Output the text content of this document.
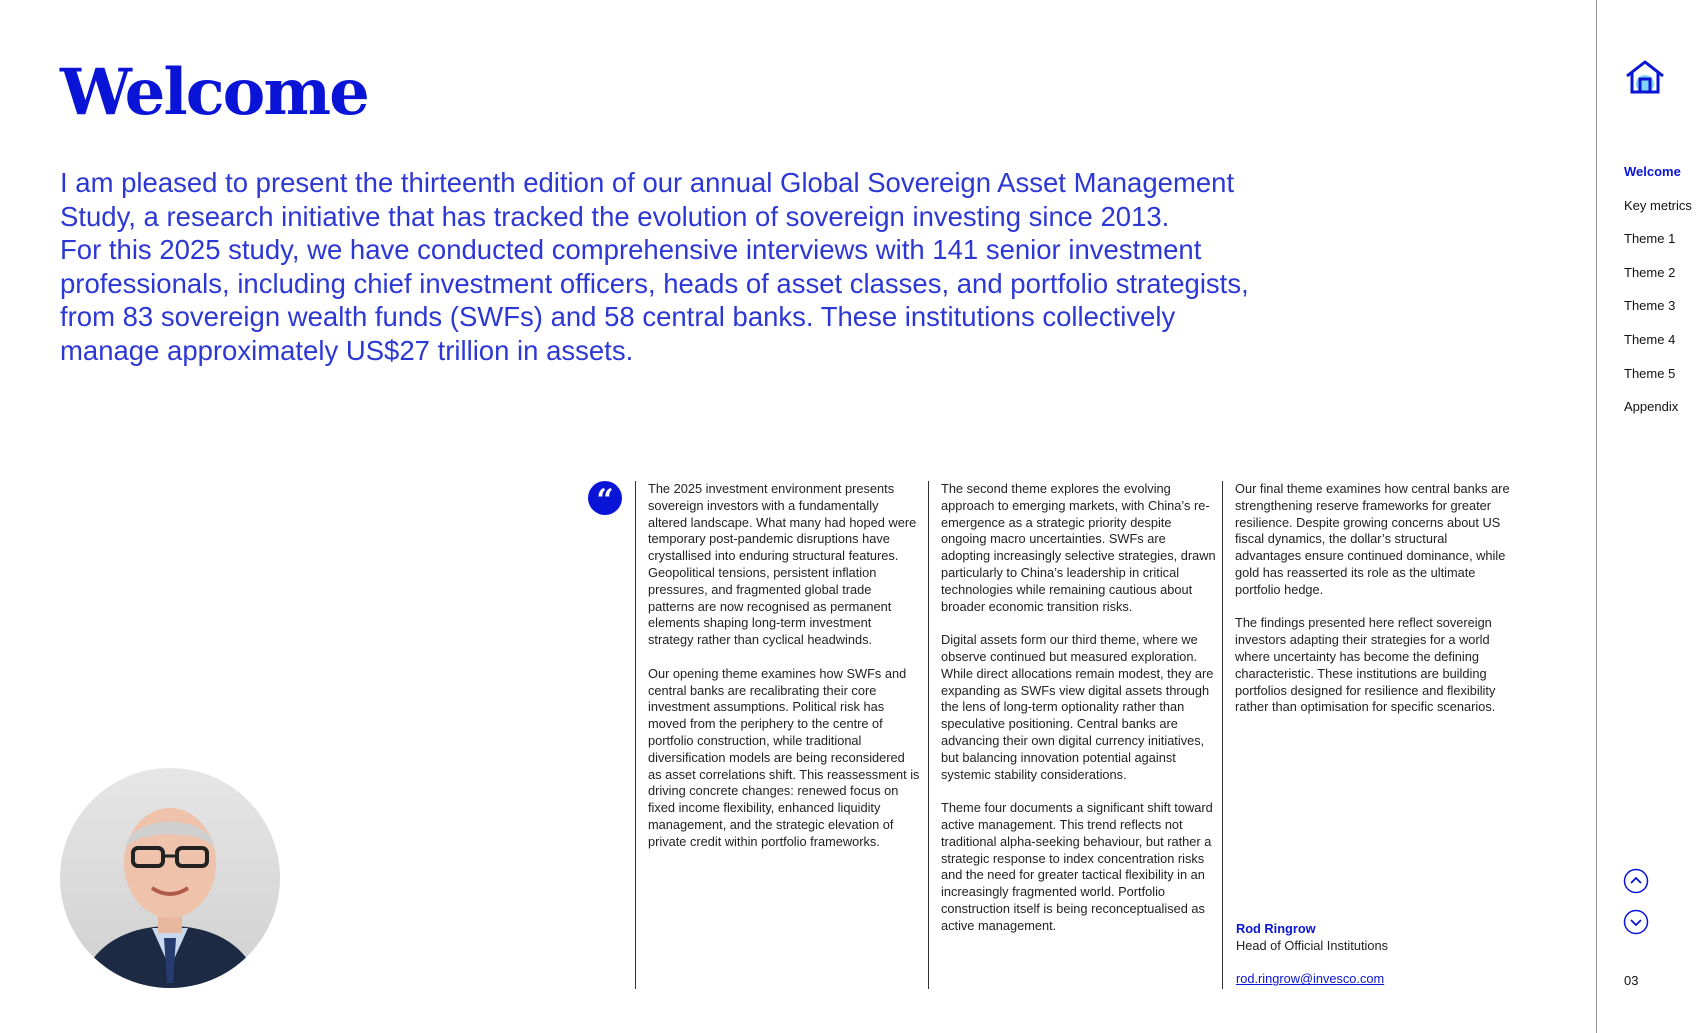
Welcome

I am pleased to present the thirteenth edition of our annual Global Sovereign Asset Management Study, a research initiative that has tracked the evolution of sovereign investing since 2013.

For this 2025 study, we have conducted comprehensive interviews with 141 senior investment professionals, including chief investment officers, heads of asset classes, and portfolio strategists, from 83 sovereign wealth funds (SWFs) and 58 central banks. These institutions collectively manage approximately US$27 trillion in assets.

“	The 2025 investment environment presents sovereign investors with a fundamentally altered landscape. What many had hoped were temporary post-pandemic disruptions have crystallised into enduring structural features. Geopolitical tensions, persistent inflation pressures, and fragmented global trade patterns are now recognised as permanent elements shaping long-term investment strategy rather than cyclical headwinds.

Our opening theme examines how SWFs and central banks are recalibrating their core investment assumptions. Political risk has moved from the periphery to the centre of portfolio construction, while traditional diversification models are being reconsidered as asset correlations shift. This reassessment is driving concrete changes: renewed focus on fixed income flexibility, enhanced liquidity management, and the strategic elevation of private credit within portfolio frameworks.

The second theme explores the evolving approach to emerging markets, with China’s re-emergence as a strategic priority despite ongoing macro uncertainties. SWFs are adopting increasingly selective strategies, drawn particularly to China’s leadership in critical technologies while remaining cautious about broader economic transition risks.

Digital assets form our third theme, where we observe continued but measured exploration. While direct allocations remain modest, they are expanding as SWFs view digital assets through the lens of long-term optionality rather than speculative positioning. Central banks are advancing their own digital currency initiatives, but balancing innovation potential against systemic stability considerations.

Theme four documents a significant shift toward active management. This trend reflects not traditional alpha-seeking behaviour, but rather a strategic response to index concentration risks and the need for greater tactical flexibility in an increasingly fragmented world. Portfolio construction itself is being reconceptualised as active management.

Our final theme examines how central banks are strengthening reserve frameworks for greater resilience. Despite growing concerns about US fiscal dynamics, the dollar’s structural advantages ensure continued dominance, while gold has reasserted its role as the ultimate portfolio hedge.

The findings presented here reflect sovereign investors adapting their strategies for a world where uncertainty has become the defining characteristic. These institutions are building portfolios designed for resilience and flexibility rather than optimisation for specific scenarios.

Rod Ringrow
Head of Official Institutions
rod.ringrow@invesco.com
Welcome
Key metrics
Theme 1
Theme 2
Theme 3
Theme 4
Theme 5
Appendix
03
